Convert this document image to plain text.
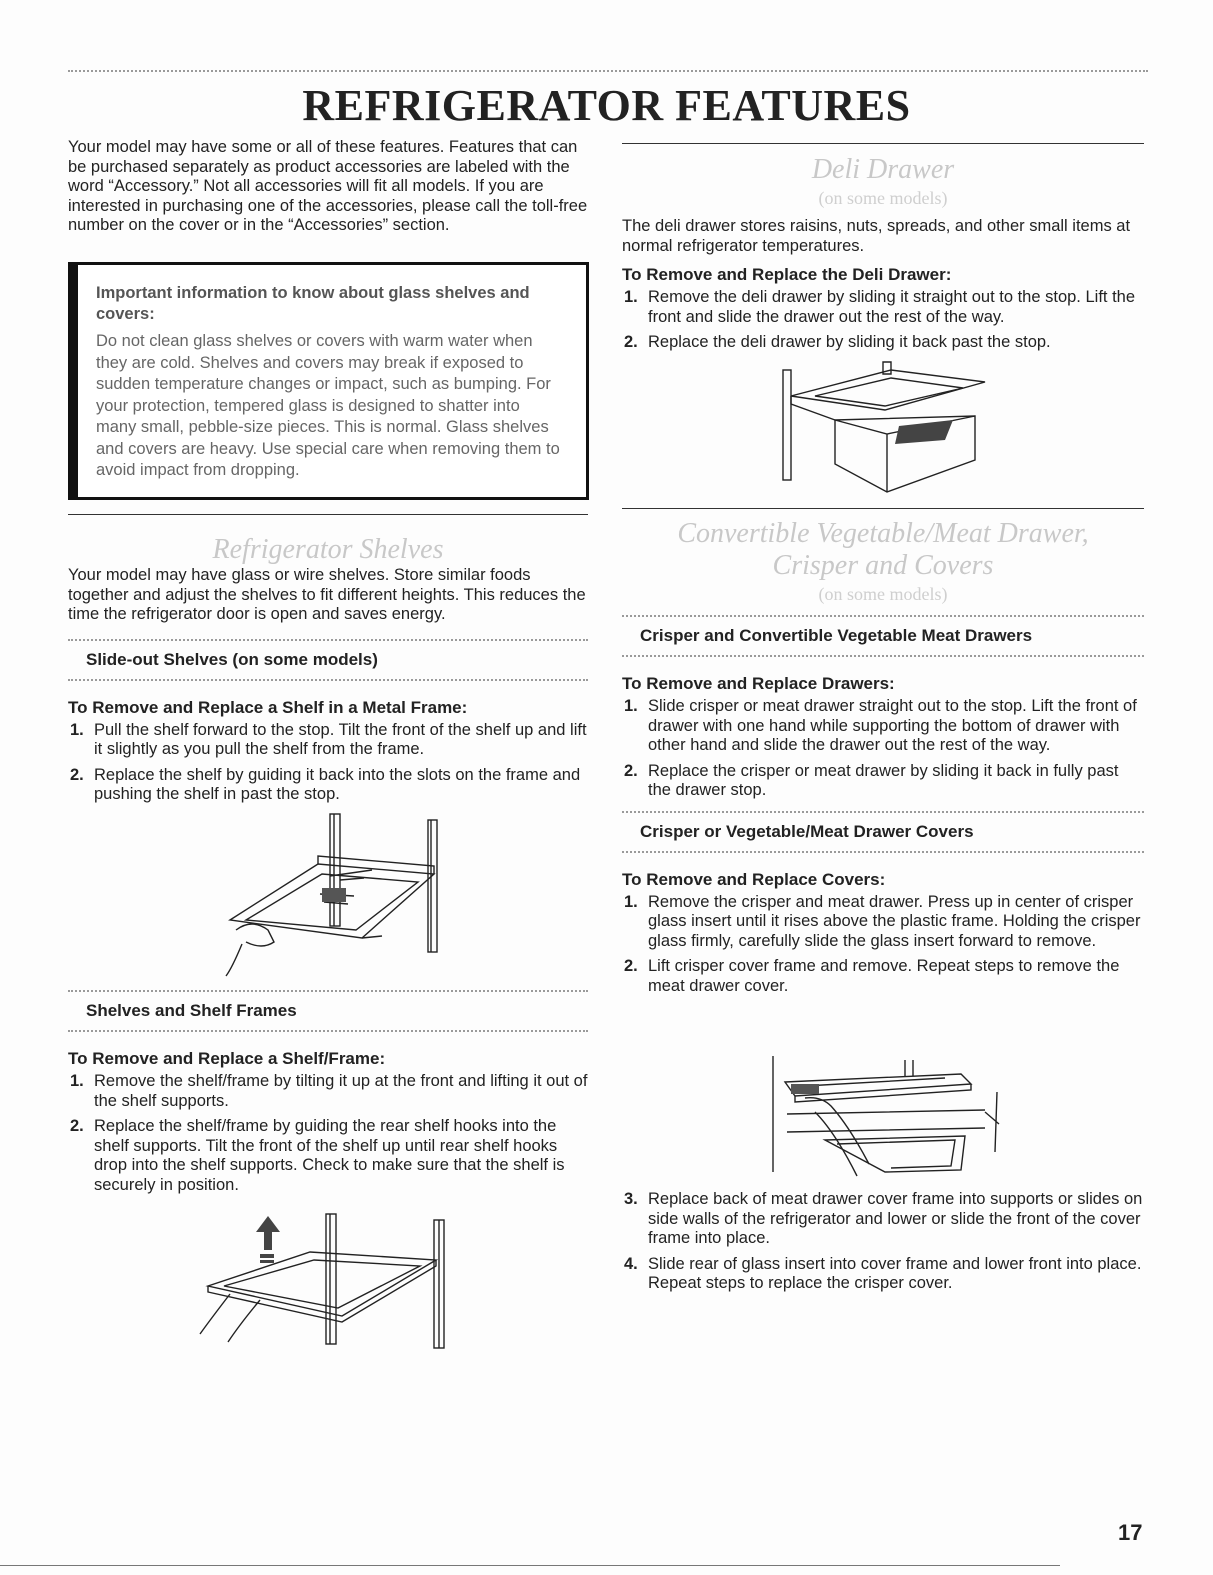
REFRIGERATOR FEATURES

Your model may have some or all of these features. Features that can be purchased separately as product accessories are labeled with the word “Accessory.” Not all accessories will fit all models. If you are interested in purchasing one of the accessories, please call the toll-free number on the cover or in the “Accessories” section.

Important information to know about glass shelves and covers:

Do not clean glass shelves or covers with warm water when they are cold. Shelves and covers may break if exposed to sudden temperature changes or impact, such as bumping. For your protection, tempered glass is designed to shatter into many small, pebble-size pieces. This is normal. Glass shelves and covers are heavy. Use special care when removing them to avoid impact from dropping.

Refrigerator Shelves

Your model may have glass or wire shelves. Store similar foods together and adjust the shelves to fit different heights. This reduces the time the refrigerator door is open and saves energy.

Slide-out Shelves (on some models)

To Remove and Replace a Shelf in a Metal Frame:

1. Pull the shelf forward to the stop. Tilt the front of the shelf up and lift it slightly as you pull the shelf from the frame.
2. Replace the shelf by guiding it back into the slots on the frame and pushing the shelf in past the stop.
Shelves and Shelf Frames

To Remove and Replace a Shelf/Frame:

1. Remove the shelf/frame by tilting it up at the front and lifting it out of the shelf supports.
2. Replace the shelf/frame by guiding the rear shelf hooks into the shelf supports. Tilt the front of the shelf up until rear shelf hooks drop into the shelf supports. Check to make sure that the shelf is securely in position.

Deli Drawer

(on some models)

The deli drawer stores raisins, nuts, spreads, and other small items at normal refrigerator temperatures.

To Remove and Replace the Deli Drawer:

1. Remove the deli drawer by sliding it straight out to the stop. Lift the front and slide the drawer out the rest of the way.
2. Replace the deli drawer by sliding it back past the stop.

Convertible Vegetable/Meat Drawer,

Crisper and Covers

(on some models)

Crisper and Convertible Vegetable Meat Drawers

To Remove and Replace Drawers:

1. Slide crisper or meat drawer straight out to the stop. Lift the front of drawer with one hand while supporting the bottom of drawer with other hand and slide the drawer out the rest of the way.
2. Replace the crisper or meat drawer by sliding it back in fully past the drawer stop.
Crisper or Vegetable/Meat Drawer Covers

To Remove and Replace Covers:

1. Remove the crisper and meat drawer. Press up in center of crisper glass insert until it rises above the plastic frame. Holding the crisper glass firmly, carefully slide the glass insert forward to remove.
2. Lift crisper cover frame and remove. Repeat steps to remove the meat drawer cover.
3. Replace back of meat drawer cover frame into supports or slides on side walls of the refrigerator and lower or slide the front of the cover frame into place.
4. Slide rear of glass insert into cover frame and lower front into place. Repeat steps to replace the crisper cover.
17
